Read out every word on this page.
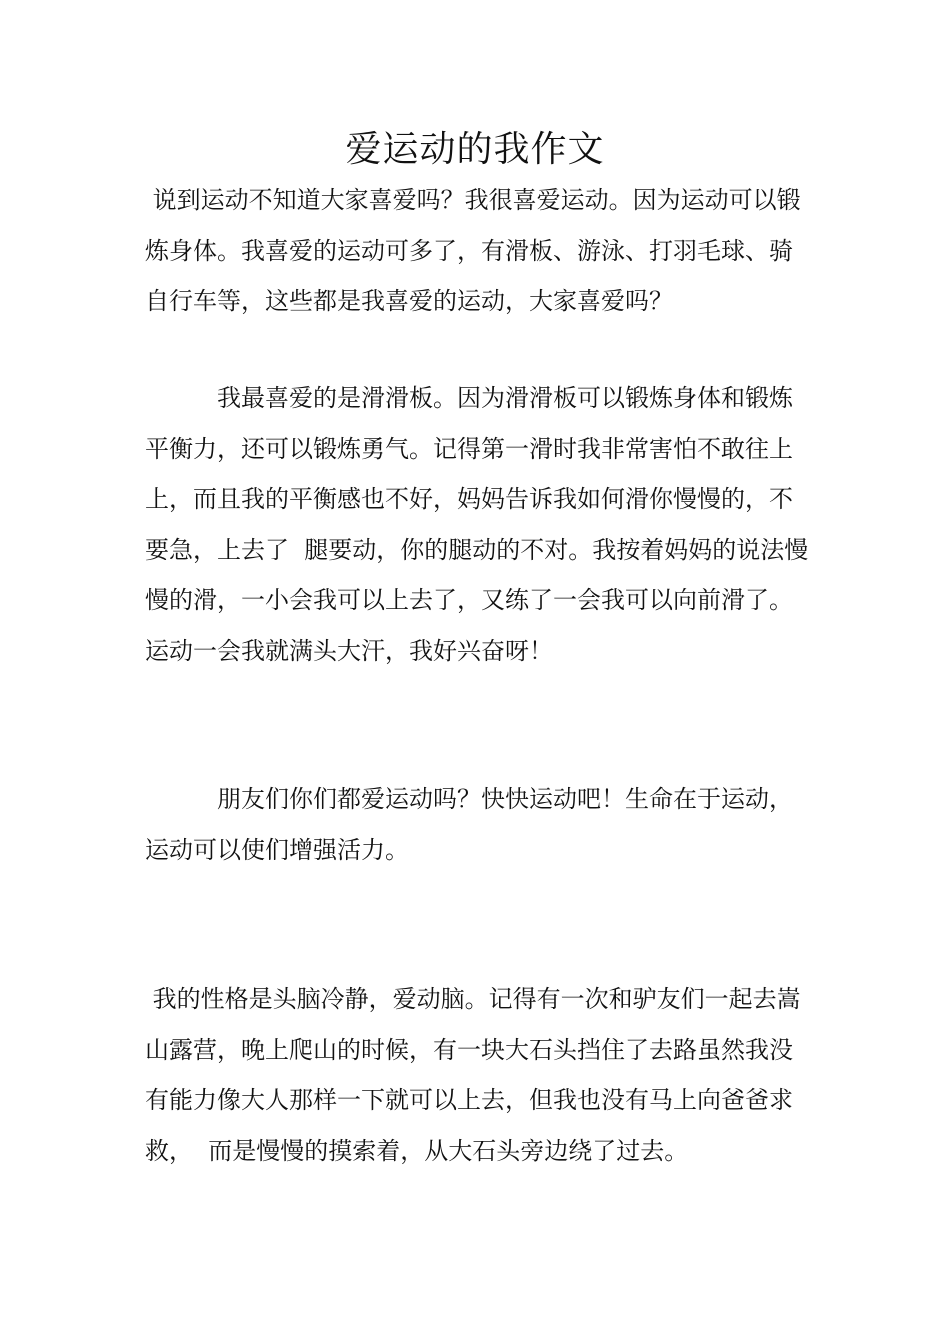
爱运动的我作文

说到运动不知道大家喜爱吗？我很喜爱运动。因为运动可以锻炼身体。我喜爱的运动可多了，有滑板、游泳、打羽毛球、骑自行车等，这些都是我喜爱的运动，大家喜爱吗？

　　　我最喜爱的是滑滑板。因为滑滑板可以锻炼身体和锻炼平衡力，还可以锻炼勇气。记得第一滑时我非常害怕不敢往上上，而且我的平衡感也不好，妈妈告诉我如何滑你慢慢的，不要急，上去了  腿要动，你的腿动的不对。我按着妈妈的说法慢慢的滑，一小会我可以上去了，又练了一会我可以向前滑了。运动一会我就满头大汗，我好兴奋呀！

　　　朋友们你们都爱运动吗？快快运动吧！生命在于运动，运动可以使们增强活力。

我的性格是头脑冷静，爱动脑。记得有一次和驴友们一起去嵩山露营，晚上爬山的时候，有一块大石头挡住了去路虽然我没有能力像大人那样一下就可以上去，但我也没有马上向爸爸求救，  而是慢慢的摸索着，从大石头旁边绕了过去。
